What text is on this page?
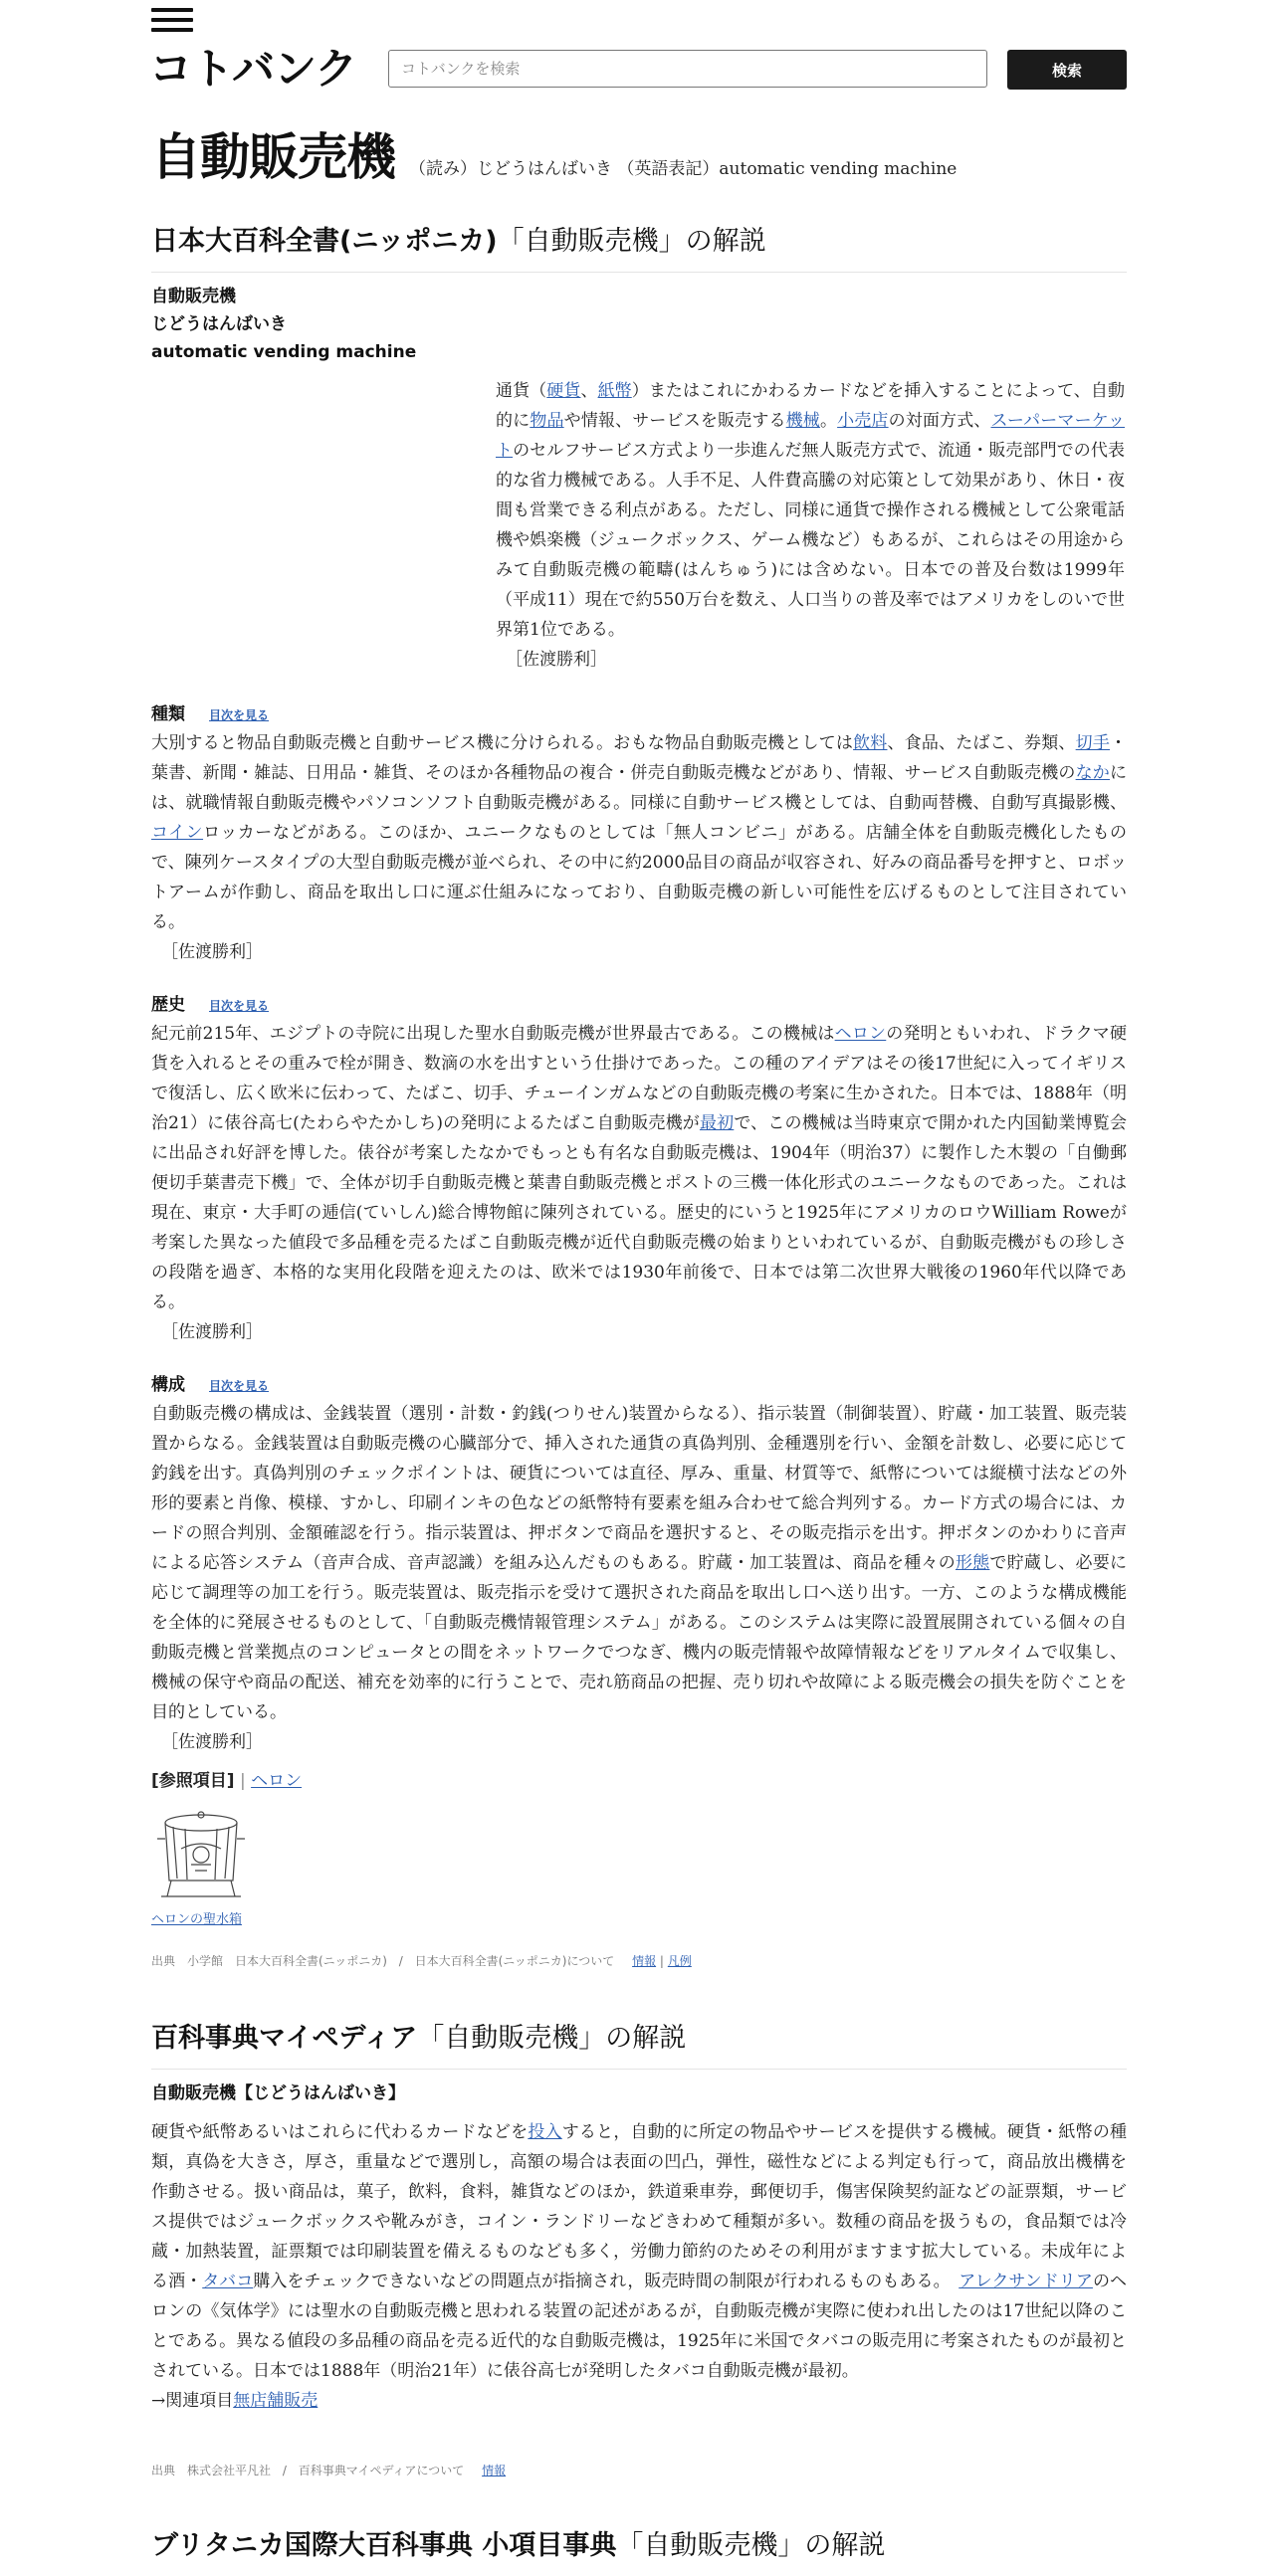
コトバンク
コトバンクを検索	検索
自動販売機 （読み）じどうはんばいき （英語表記）automatic vending machine
日本大百科全書(ニッポニカ)「自動販売機」の解説
自動販売機
じどうはんばいき
automatic vending machine
通貨（硬貨、紙幣）またはこれにかわるカードなどを挿入することによって、自動的に物品や情報、サービスを販売する機械。小売店の対面方式、スーパーマーケットのセルフサービス方式より一歩進んだ無人販売方式で、流通・販売部門での代表的な省力機械である。人手不足、人件費高騰の対応策として効果があり、休日・夜間も営業できる利点がある。ただし、同様に通貨で操作される機械として公衆電話機や娯楽機（ジュークボックス、ゲーム機など）もあるが、これらはその用途からみて自動販売機の範疇(はんちゅう)には含めない。日本での普及台数は1999年（平成11）現在で約550万台を数え、人口当りの普及率ではアメリカをしのいで世界第1位である。
［佐渡勝利］
種類 目次を見る
大別すると物品自動販売機と自動サービス機に分けられる。おもな物品自動販売機としては飲料、食品、たばこ、券類、切手・葉書、新聞・雑誌、日用品・雑貨、そのほか各種物品の複合・併売自動販売機などがあり、情報、サービス自動販売機のなかには、就職情報自動販売機やパソコンソフト自動販売機がある。同様に自動サービス機としては、自動両替機、自動写真撮影機、コインロッカーなどがある。このほか、ユニークなものとしては「無人コンビニ」がある。店舗全体を自動販売機化したもので、陳列ケースタイプの大型自動販売機が並べられ、その中に約2000品目の商品が収容され、好みの商品番号を押すと、ロボットアームが作動し、商品を取出し口に運ぶ仕組みになっており、自動販売機の新しい可能性を広げるものとして注目されている。
［佐渡勝利］
歴史 目次を見る
紀元前215年、エジプトの寺院に出現した聖水自動販売機が世界最古である。この機械はヘロンの発明ともいわれ、ドラクマ硬貨を入れるとその重みで栓が開き、数滴の水を出すという仕掛けであった。この種のアイデアはその後17世紀に入ってイギリスで復活し、広く欧米に伝わって、たばこ、切手、チューインガムなどの自動販売機の考案に生かされた。日本では、1888年（明治21）に俵谷高七(たわらやたかしち)の発明によるたばこ自動販売機が最初で、この機械は当時東京で開かれた内国勧業博覧会に出品され好評を博した。俵谷が考案したなかでもっとも有名な自動販売機は、1904年（明治37）に製作した木製の「自働郵便切手葉書売下機」で、全体が切手自動販売機と葉書自動販売機とポストの三機一体化形式のユニークなものであった。これは現在、東京・大手町の逓信(ていしん)総合博物館に陳列されている。歴史的にいうと1925年にアメリカのロウWilliam Roweが考案した異なった値段で多品種を売るたばこ自動販売機が近代自動販売機の始まりといわれているが、自動販売機がもの珍しさの段階を過ぎ、本格的な実用化段階を迎えたのは、欧米では1930年前後で、日本では第二次世界大戦後の1960年代以降である。
［佐渡勝利］
構成 目次を見る
自動販売機の構成は、金銭装置（選別・計数・釣銭(つりせん)装置からなる）、指示装置（制御装置）、貯蔵・加工装置、販売装置からなる。金銭装置は自動販売機の心臓部分で、挿入された通貨の真偽判別、金種選別を行い、金額を計数し、必要に応じて釣銭を出す。真偽判別のチェックポイントは、硬貨については直径、厚み、重量、材質等で、紙幣については縦横寸法などの外形的要素と肖像、模様、すかし、印刷インキの色などの紙幣特有要素を組み合わせて総合判列する。カード方式の場合には、カードの照合判別、金額確認を行う。指示装置は、押ボタンで商品を選択すると、その販売指示を出す。押ボタンのかわりに音声による応答システム（音声合成、音声認識）を組み込んだものもある。貯蔵・加工装置は、商品を種々の形態で貯蔵し、必要に応じて調理等の加工を行う。販売装置は、販売指示を受けて選択された商品を取出し口へ送り出す。一方、このような構成機能を全体的に発展させるものとして、「自動販売機情報管理システム」がある。このシステムは実際に設置展開されている個々の自動販売機と営業拠点のコンピュータとの間をネットワークでつなぎ、機内の販売情報や故障情報などをリアルタイムで収集し、機械の保守や商品の配送、補充を効率的に行うことで、売れ筋商品の把握、売り切れや故障による販売機会の損失を防ぐことを目的としている。
［佐渡勝利］
[参照項目] | ヘロン
ヘロンの聖水箱
出典　小学館　日本大百科全書(ニッポニカ) / 日本大百科全書(ニッポニカ)について 情報 | 凡例
百科事典マイペディア「自動販売機」の解説
自動販売機【じどうはんばいき】
硬貨や紙幣あるいはこれらに代わるカードなどを投入すると，自動的に所定の物品やサービスを提供する機械。硬貨・紙幣の種類，真偽を大きさ，厚さ，重量などで選別し，高額の場合は表面の凹凸，弾性，磁性などによる判定も行って，商品放出機構を作動させる。扱い商品は，菓子，飲料，食料，雑貨などのほか，鉄道乗車券，郵便切手，傷害保険契約証などの証票類，サービス提供ではジュークボックスや靴みがき，コイン・ランドリーなどきわめて種類が多い。数種の商品を扱うもの，食品類では冷蔵・加熱装置，証票類では印刷装置を備えるものなども多く，労働力節約のためその利用がますます拡大している。未成年による酒・タバコ購入をチェックできないなどの問題点が指摘され，販売時間の制限が行われるものもある。　アレクサンドリアのヘロンの《気体学》には聖水の自動販売機と思われる装置の記述があるが，自動販売機が実際に使われ出したのは17世紀以降のことである。異なる値段の多品種の商品を売る近代的な自動販売機は，1925年に米国でタバコの販売用に考案されたものが最初とされている。日本では1888年（明治21年）に俵谷高七が発明したタバコ自動販売機が最初。
→関連項目無店舗販売
出典　株式会社平凡社 / 百科事典マイペディアについて 情報
ブリタニカ国際大百科事典 小項目事典「自動販売機」の解説
